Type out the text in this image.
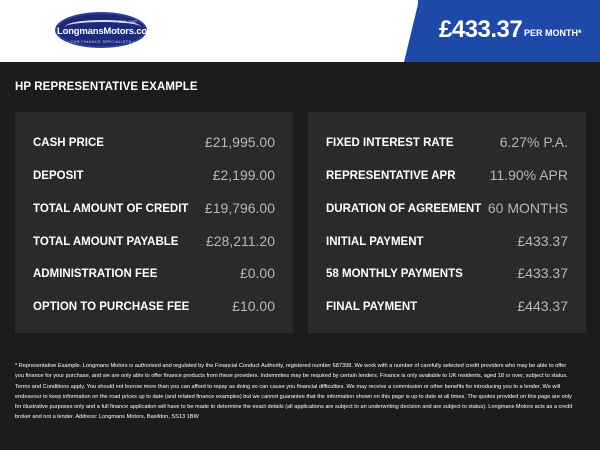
EST. 1987
LongmansMotors.com
• CAR FINANCE SPECIALISTS •	£433.37 PER MONTH*
HP REPRESENTATIVE EXAMPLE
CASH PRICE	£21,995.00
DEPOSIT	£2,199.00
TOTAL AMOUNT OF CREDIT £19,796.00
TOTAL AMOUNT PAYABLE £28,211.20
ADMINISTRATION FEE	£0.00
OPTION TO PURCHASE FEE	£10.00
FIXED INTEREST RATE	6.27% P.A.
REPRESENTATIVE APR 11.90% APR
DURATION OF AGREEMENT 60 MONTHS
INITIAL PAYMENT	£433.37
58 MONTHLY PAYMENTS	£433.37
FINAL PAYMENT	£443.37
* Representative Example. Longmans Motors is authorised and regulated by the Financial Conduct Authority, registered number 687398. We work with a number of carefully selected credit providers who may be able to offer you finance for your purchase, and we are only able to offer finance products from these providers. Indemnities may be required by certain lenders. Finance is only available to UK residents, aged 18 or over, subject to status. Terms and Conditions apply. You should not borrow more than you can afford to repay as doing so can cause you financial difficulties. We may receive a commission or other benefits for introducing you to a lender. We will endeavour to keep information on the road prices up to date (and related finance examples) but we cannot guarantee that the information shown on this page is up to date at all times. The quotes provided on this page are only for illustrative purposes only and a full finance application will have to be made to determine the exact details (all applications are subject to an underwriting decision and are subject to status). Longmans Motors acts as a credit broker and not a lender. Address: Longmans Motors, Basildon, SS13 1BW
